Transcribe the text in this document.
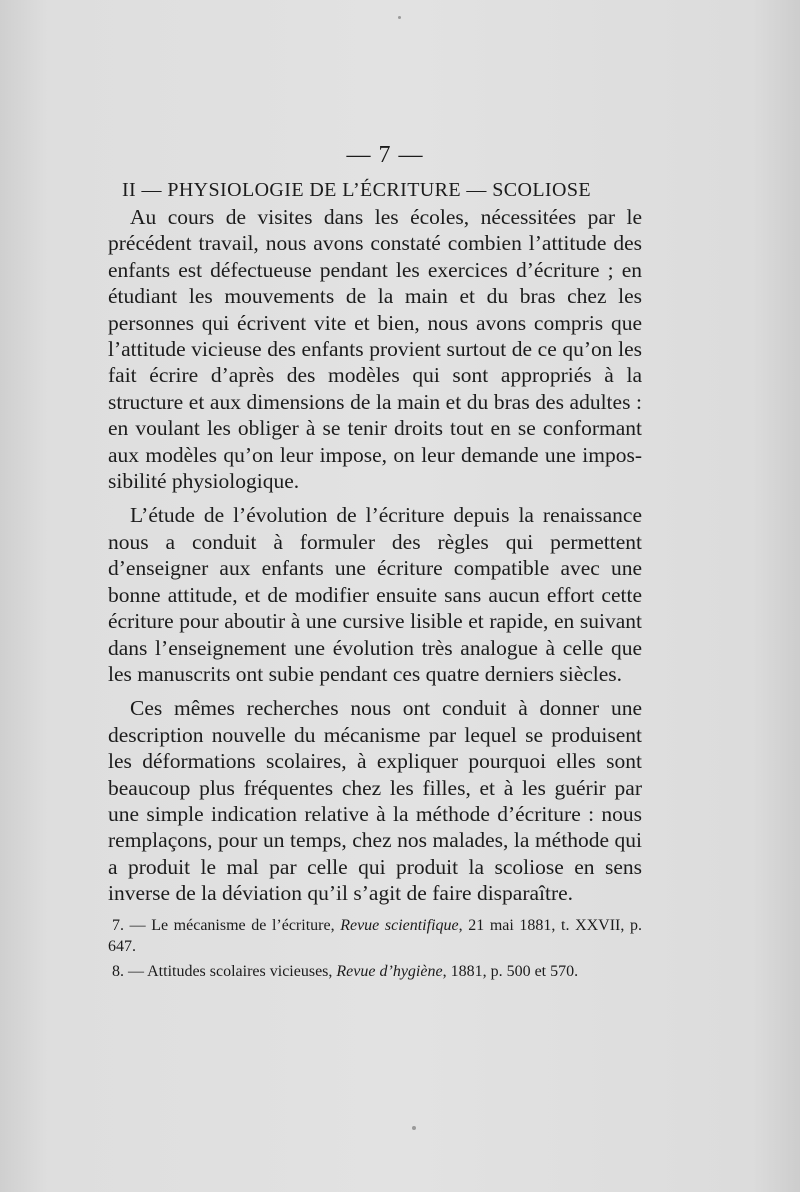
— 7 —
II — PHYSIOLOGIE DE L’ÉCRITURE — SCOLIOSE

Au cours de visites dans les écoles, nécessitées par le précédent travail, nous avons constaté combien l’attitude des enfants est défectueuse pendant les exercices d’écriture ; en étudiant les mouvements de la main et du bras chez les personnes qui écrivent vite et bien, nous avons compris que l’attitude vicieuse des enfants provient surtout de ce qu’on les fait écrire d’après des modèles qui sont appropriés à la structure et aux dimensions de la main et du bras des adultes : en voulant les obliger à se tenir droits tout en se conformant aux modèles qu’on leur impose, on leur demande une impossibilité physiologique.

L’étude de l’évolution de l’écriture depuis la renaissance nous a conduit à formuler des règles qui permettent d’enseigner aux enfants une écriture compatible avec une bonne attitude, et de modifier ensuite sans aucun effort cette écriture pour aboutir à une cursive lisible et rapide, en suivant dans l’enseignement une évolution très analogue à celle que les manuscrits ont subie pendant ces quatre derniers siècles.

Ces mêmes recherches nous ont conduit à donner une description nouvelle du mécanisme par lequel se produisent les déformations scolaires, à expliquer pourquoi elles sont beaucoup plus fréquentes chez les filles, et à les guérir par une simple indication relative à la méthode d’écriture : nous remplaçons, pour un temps, chez nos malades, la méthode qui a produit le mal par celle qui produit la scoliose en sens inverse de la déviation qu’il s’agit de faire disparaître.

7. — Le mécanisme de l’écriture, Revue scientifique, 21 mai 1881, t. XXVII, p. 647.

8. — Attitudes scolaires vicieuses, Revue d’hygiène, 1881, p. 500 et 570.
